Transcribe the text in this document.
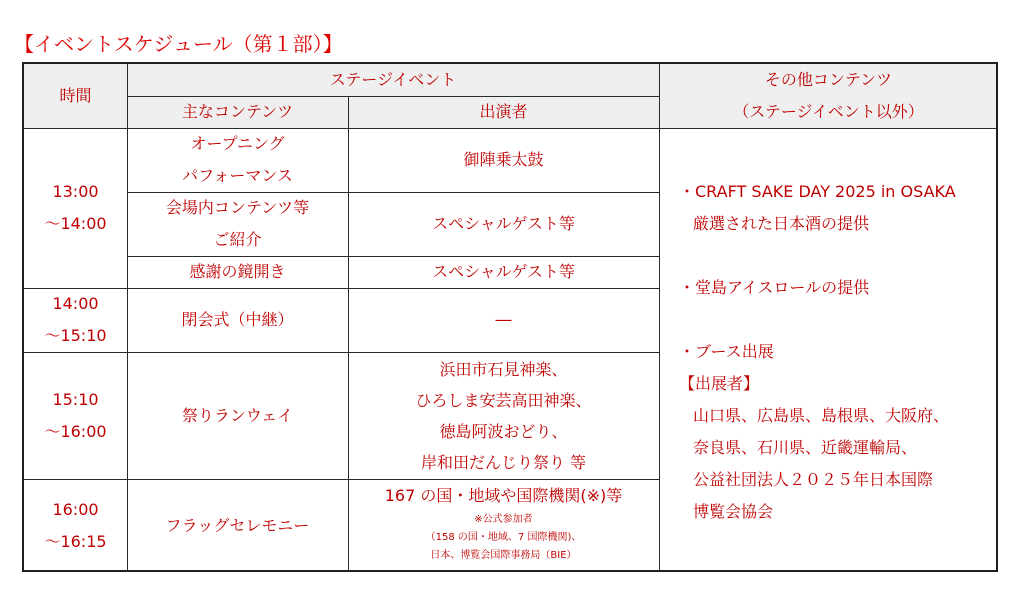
【イベントスケジュール（第１部）】
時間
ステージイベント
主なコンテンツ	出演者
その他コンテンツ
（ステージイベント以外）
13:00
～14:00
14:00
～15:10
15:10
～16:00
16:00
～16:15
オープニング
パフォーマンス
会場内コンテンツ等
ご紹介
感謝の鏡開き
閉会式（中継）
祭りランウェイ
フラッグセレモニー
御陣乗太鼓
スペシャルゲスト等
スペシャルゲスト等
―
浜田市石見神楽、
ひろしま安芸高田神楽、
徳島阿波おどり、
岸和田だんじり祭り 等
167 の国・地域や国際機関(※)等
※公式参加者
（158 の国・地域、7 国際機関)、
日本、博覧会国際事務局（BIE）
・CRAFT SAKE DAY 2025 in OSAKA
厳選された日本酒の提供
・堂島アイスロールの提供
・ブース出展
【出展者】
山口県、広島県、島根県、大阪府、
奈良県、石川県、近畿運輸局、
公益社団法人２０２５年日本国際
博覧会協会
